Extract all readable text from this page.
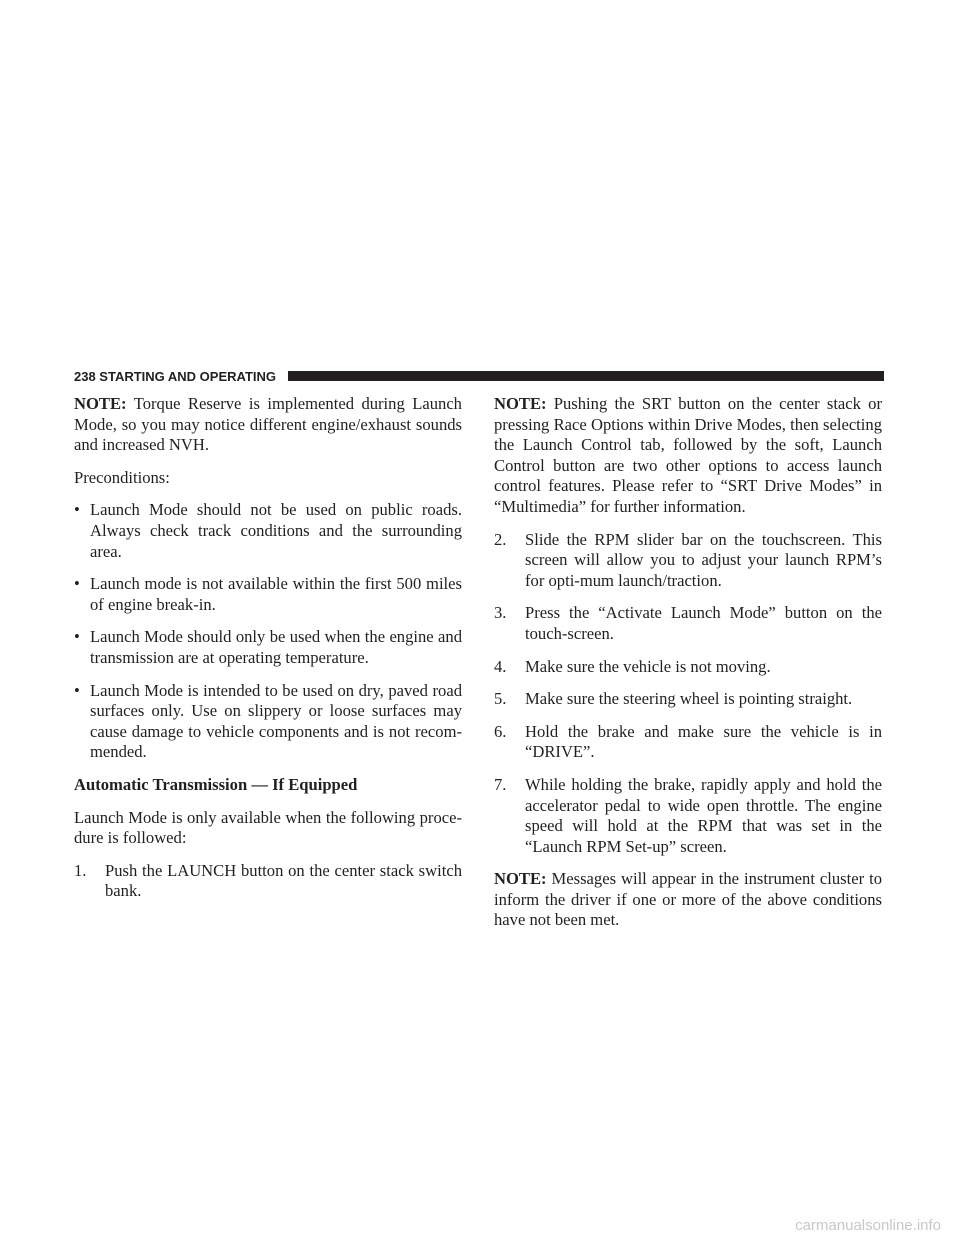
238 STARTING AND OPERATING

NOTE: Torque Reserve is implemented during Launch Mode, so you may notice different engine/exhaust sounds and increased NVH.

Preconditions:

• Launch Mode should not be used on public roads. Always check track conditions and the surrounding area.
• Launch mode is not available within the first 500 miles of engine break-in.
• Launch Mode should only be used when the engine and transmission are at operating temperature.
• Launch Mode is intended to be used on dry, paved road surfaces only. Use on slippery or loose surfaces may cause damage to vehicle components and is not recom-mended.

Automatic Transmission — If Equipped

Launch Mode is only available when the following proce-dure is followed:

1. Push the LAUNCH button on the center stack switch bank.

NOTE: Pushing the SRT button on the center stack or pressing Race Options within Drive Modes, then selecting the Launch Control tab, followed by the soft, Launch Control button are two other options to access launch control features. Please refer to “SRT Drive Modes” in “Multimedia” for further information.

2. Slide the RPM slider bar on the touchscreen. This screen will allow you to adjust your launch RPM’s for opti-mum launch/traction.
3. Press the “Activate Launch Mode” button on the touch-screen.
4. Make sure the vehicle is not moving.
5. Make sure the steering wheel is pointing straight.
6. Hold the brake and make sure the vehicle is in “DRIVE”.
7. While holding the brake, rapidly apply and hold the accelerator pedal to wide open throttle. The engine speed will hold at the RPM that was set in the “Launch RPM Set-up” screen.

NOTE: Messages will appear in the instrument cluster to inform the driver if one or more of the above conditions have not been met.

carmanualsonline.info
